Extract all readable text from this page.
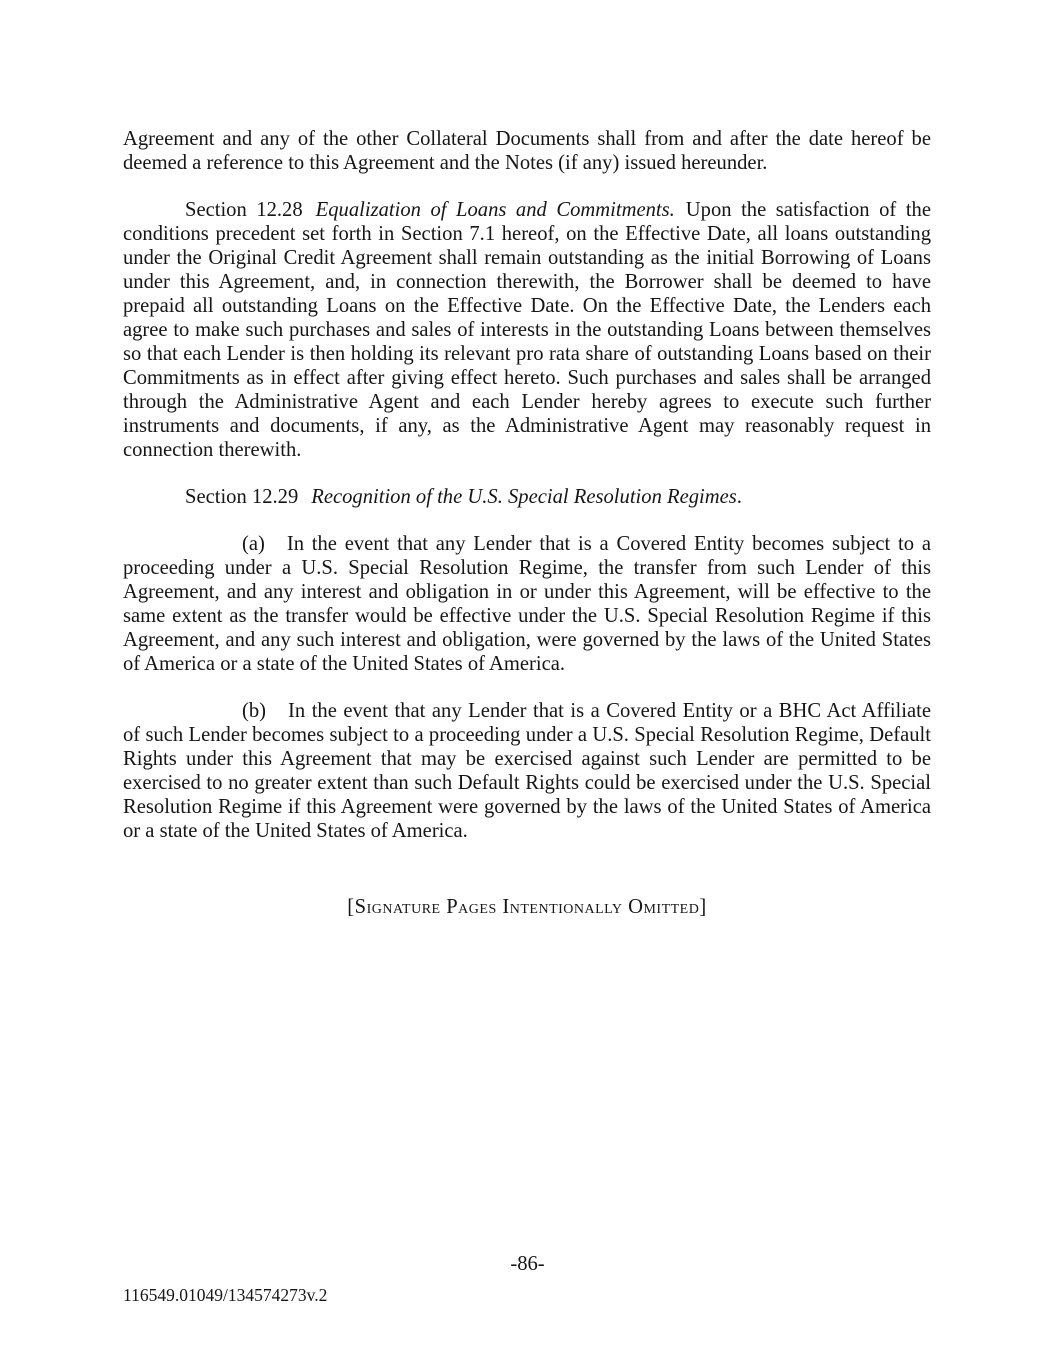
Agreement and any of the other Collateral Documents shall from and after the date hereof be deemed a reference to this Agreement and the Notes (if any) issued hereunder.

Section 12.28 Equalization of Loans and Commitments. Upon the satisfaction of the conditions precedent set forth in Section 7.1 hereof, on the Effective Date, all loans outstanding under the Original Credit Agreement shall remain outstanding as the initial Borrowing of Loans under this Agreement, and, in connection therewith, the Borrower shall be deemed to have prepaid all outstanding Loans on the Effective Date. On the Effective Date, the Lenders each agree to make such purchases and sales of interests in the outstanding Loans between themselves so that each Lender is then holding its relevant pro rata share of outstanding Loans based on their Commitments as in effect after giving effect hereto. Such purchases and sales shall be arranged through the Administrative Agent and each Lender hereby agrees to execute such further instruments and documents, if any, as the Administrative Agent may reasonably request in connection therewith.

Section 12.29 Recognition of the U.S. Special Resolution Regimes.

(a) In the event that any Lender that is a Covered Entity becomes subject to a proceeding under a U.S. Special Resolution Regime, the transfer from such Lender of this Agreement, and any interest and obligation in or under this Agreement, will be effective to the same extent as the transfer would be effective under the U.S. Special Resolution Regime if this Agreement, and any such interest and obligation, were governed by the laws of the United States of America or a state of the United States of America.

(b) In the event that any Lender that is a Covered Entity or a BHC Act Affiliate of such Lender becomes subject to a proceeding under a U.S. Special Resolution Regime, Default Rights under this Agreement that may be exercised against such Lender are permitted to be exercised to no greater extent than such Default Rights could be exercised under the U.S. Special Resolution Regime if this Agreement were governed by the laws of the United States of America or a state of the United States of America.

[Signature Pages Intentionally Omitted]

-86-
116549.01049/134574273v.2
